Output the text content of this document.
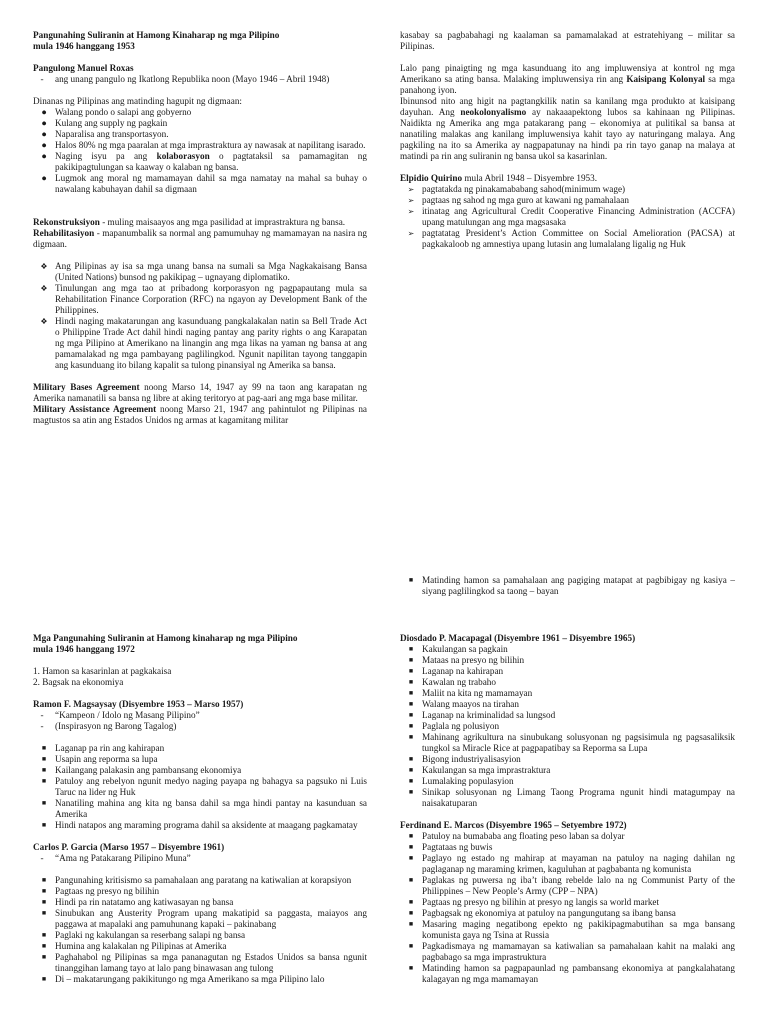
Pangunahing Suliranin at Hamong Kinaharap ng mga Pilipino

mula 1946 hanggang 1953

Pangulong Manuel Roxas

-	ang unang pangulo ng Ikatlong Republika noon (Mayo 1946 – Abril 1948)

Dinanas ng Pilipinas ang matinding hagupit ng digmaan:

● Walang pondo o salapi ang gobyerno
● Kulang ang supply ng pagkain
● Naparalisa ang transportasyon.
● Halos 80% ng mga paaralan at mga imprastraktura ay nawasak at napilitang isarado.
● Naging isyu pa ang kolaborasyon o pagtataksil sa pamamagitan ng pakikipagtulungan sa kaaway o kalaban ng bansa.
● Lugmok ang moral ng mamamayan dahil sa mga namatay na mahal sa buhay o nawalang kabuhayan dahil sa digmaan

Rekonstruksiyon - muling maisaayos ang mga pasilidad at imprastraktura ng bansa.

Rehabilitasiyon - mapanumbalik sa normal ang pamumuhay ng mamamayan na nasira ng digmaan.

❖ Ang Pilipinas ay isa sa mga unang bansa na sumali sa Mga Nagkakaisang Bansa (United Nations) bunsod ng pakikipag – ugnayang diplomatiko.
❖ Tinulungan ang mga tao at pribadong korporasyon ng pagpapautang mula sa Rehabilitation Finance Corporation (RFC) na ngayon ay Development Bank of the Philippines.
❖ Hindi naging makatarungan ang kasunduang pangkalakalan natin sa Bell Trade Act o Philippine Trade Act dahil hindi naging pantay ang parity rights o ang Karapatan ng mga Pilipino at Amerikano na linangin ang mga likas na yaman ng bansa at ang pamamalakad ng mga pambayang paglilingkod. Ngunit napilitan tayong tanggapin ang kasunduang ito bilang kapalit sa tulong pinansiyal ng Amerika sa bansa.

Military Bases Agreement noong Marso 14, 1947 ay 99 na taon ang karapatan ng Amerika namanatili sa bansa ng libre at aking teritoryo at pag-aari ang mga base militar.

Military Assistance Agreement noong Marso 21, 1947 ang pahintulot ng Pilipinas na magtustos sa atin ang Estados Unidos ng armas at kagamitang militar

kasabay sa pagbabahagi ng kaalaman sa pamamalakad at estratehiyang – militar sa Pilipinas.

Lalo pang pinaigting ng mga kasunduang ito ang impluwensiya at kontrol ng mga Amerikano sa ating bansa. Malaking impluwensiya rin ang Kaisipang Kolonyal sa mga panahong iyon.

Ibinunsod nito ang higit na pagtangkilik natin sa kanilang mga produkto at kaisipang dayuhan. Ang neokolonyalismo ay nakaaapektong lubos sa kahinaan ng Pilipinas. Naidikta ng Amerika ang mga patakarang pang – ekonomiya at pulitikal sa bansa at nanatiling malakas ang kanilang impluwensiya kahit tayo ay naturingang malaya. Ang pagkiling na ito sa Amerika ay nagpapatunay na hindi pa rin tayo ganap na malaya at matindi pa rin ang suliranin ng bansa ukol sa kasarinlan.

Elpidio Quirino mula Abril 1948 – Disyembre 1953.

➢ pagtatakda ng pinakamababang sahod(minimum wage)
➢ pagtaas ng sahod ng mga guro at kawani ng pamahalaan
➢ itinatag ang Agricultural Credit Cooperative Financing Administration (ACCFA) upang matulungan ang mga magsasaka
➢ pagtatatag President’s Action Committee on Social Amelioration (PACSA) at pagkakaloob ng amnestiya upang lutasin ang lumalalang ligalig ng Huk
■ Matinding hamon sa pamahalaan ang pagiging matapat at pagbibigay ng kasiya – siyang paglilingkod sa taong – bayan

Mga Pangunahing Suliranin at Hamong kinaharap ng mga Pilipino

mula 1946 hanggang 1972

1. Hamon sa kasarinlan at pagkakaisa

2. Bagsak na ekonomiya

Ramon F. Magsaysay (Disyembre 1953 – Marso 1957)

-	“Kampeon / Idolo ng Masang Pilipino”
-	(Inspirasyon ng Barong Tagalog)
■ Laganap pa rin ang kahirapan
■ Usapin ang reporma sa lupa
■ Kailangang palakasin ang pambansang ekonomiya
■ Patuloy ang rebelyon ngunit medyo naging payapa ng bahagya sa pagsuko ni Luis Taruc na lider ng Huk
■ Nanatiling mahina ang kita ng bansa dahil sa mga hindi pantay na kasunduan sa Amerika
■ Hindi natapos ang maraming programa dahil sa aksidente at maagang pagkamatay

Carlos P. Garcia (Marso 1957 – Disyembre 1961)

-	“Ama ng Patakarang Pilipino Muna”
■ Pangunahing kritisismo sa pamahalaan ang paratang na katiwalian at korapsiyon
■ Pagtaas ng presyo ng bilihin
■ Hindi pa rin natatamo ang katiwasayan ng bansa
■ Sinubukan ang Austerity Program upang makatipid sa paggasta, maiayos ang paggawa at mapalaki ang pamuhunang kapaki – pakinabang
■ Paglaki ng kakulangan sa reserbang salapi ng bansa
■ Humina ang kalakalan ng Pilipinas at Amerika
■ Paghahabol ng Pilipinas sa mga pananagutan ng Estados Unidos sa bansa ngunit tinanggihan lamang tayo at lalo pang binawasan ang tulong
■ Di – makatarungang pakikitungo ng mga Amerikano sa mga Pilipino lalo

Diosdado P. Macapagal (Disyembre 1961 – Disyembre 1965)

■ Kakulangan sa pagkain
■ Mataas na presyo ng bilihin
■ Laganap na kahirapan
■ Kawalan ng trabaho
■ Maliit na kita ng mamamayan
■ Walang maayos na tirahan
■ Laganap na kriminalidad sa lungsod
■ Paglala ng polusiyon
■ Mahinang agrikultura na sinubukang solusyonan ng pagsisimula ng pagsasaliksik tungkol sa Miracle Rice at pagpapatibay sa Reporma sa Lupa
■ Bigong industriyalisasyion
■ Kakulangan sa mga imprastraktura
■ Lumalaking populasyion
■ Sinikap solusyonan ng Limang Taong Programa ngunit hindi matagumpay na naisakatuparan

Ferdinand E. Marcos (Disyembre 1965 – Setyembre 1972)

■ Patuloy na bumababa ang floating peso laban sa dolyar
■ Pagtataas ng buwis
■ Paglayo ng estado ng mahirap at mayaman na patuloy na naging dahilan ng paglaganap ng maraming krimen, kaguluhan at pagbabanta ng komunista
■ Paglakas ng puwersa ng iba’t ibang rebelde lalo na ng Communist Party of the Philippines – New People’s Army (CPP – NPA)
■ Pagtaas ng presyo ng bilihin at presyo ng langis sa world market
■ Pagbagsak ng ekonomiya at patuloy na pangungutang sa ibang bansa
■ Masaring maging negatibong epekto ng pakikipagmabutihan sa mga bansang komunista gaya ng Tsina at Russia
■ Pagkadismaya ng mamamayan sa katiwalian sa pamahalaan kahit na malaki ang pagbabago sa mga imprastruktura
■ Matinding hamon sa pagpapaunlad ng pambansang ekonomiya at pangkalahatang kalagayan ng mga mamamayan
